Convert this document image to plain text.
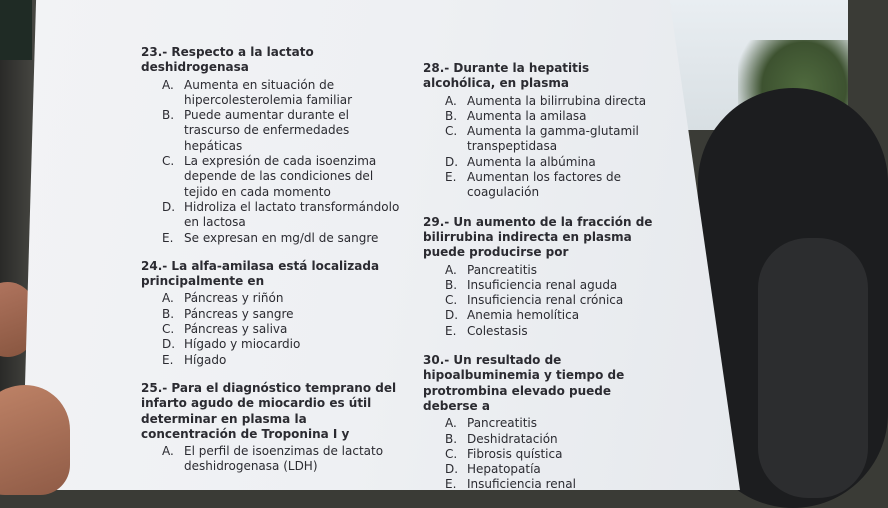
23.- Respecto a la lactato deshidrogenasa

A. Aumenta en situación de hipercolesterolemia familiar
B. Puede aumentar durante el trascurso de enfermedades hepáticas
C. La expresión de cada isoenzima depende de las condiciones del tejido en cada momento
D. Hidroliza el lactato transformándolo en lactosa
E. Se expresan en mg/dl de sangre

24.- La alfa-amilasa está localizada principalmente en

A. Páncreas y riñón
B. Páncreas y sangre
C. Páncreas y saliva
D. Hígado y miocardio
E. Hígado

25.- Para el diagnóstico temprano del infarto agudo de miocardio es útil determinar en plasma la concentración de Troponina I y

A. El perfil de isoenzimas de lactato deshidrogenasa (LDH)

28.- Durante la hepatitis alcohólica, en plasma

A. Aumenta la bilirrubina directa
B. Aumenta la amilasa
C. Aumenta la gamma-glutamil transpeptidasa
D. Aumenta la albúmina
E. Aumentan los factores de coagulación

29.- Un aumento de la fracción de bilirrubina indirecta en plasma puede producirse por

A. Pancreatitis
B. Insuficiencia renal aguda
C. Insuficiencia renal crónica
D. Anemia hemolítica
E. Colestasis

30.- Un resultado de hipoalbuminemia y tiempo de protrombina elevado puede deberse a

A. Pancreatitis
B. Deshidratación
C. Fibrosis quística
D. Hepatopatía
E. Insuficiencia renal
